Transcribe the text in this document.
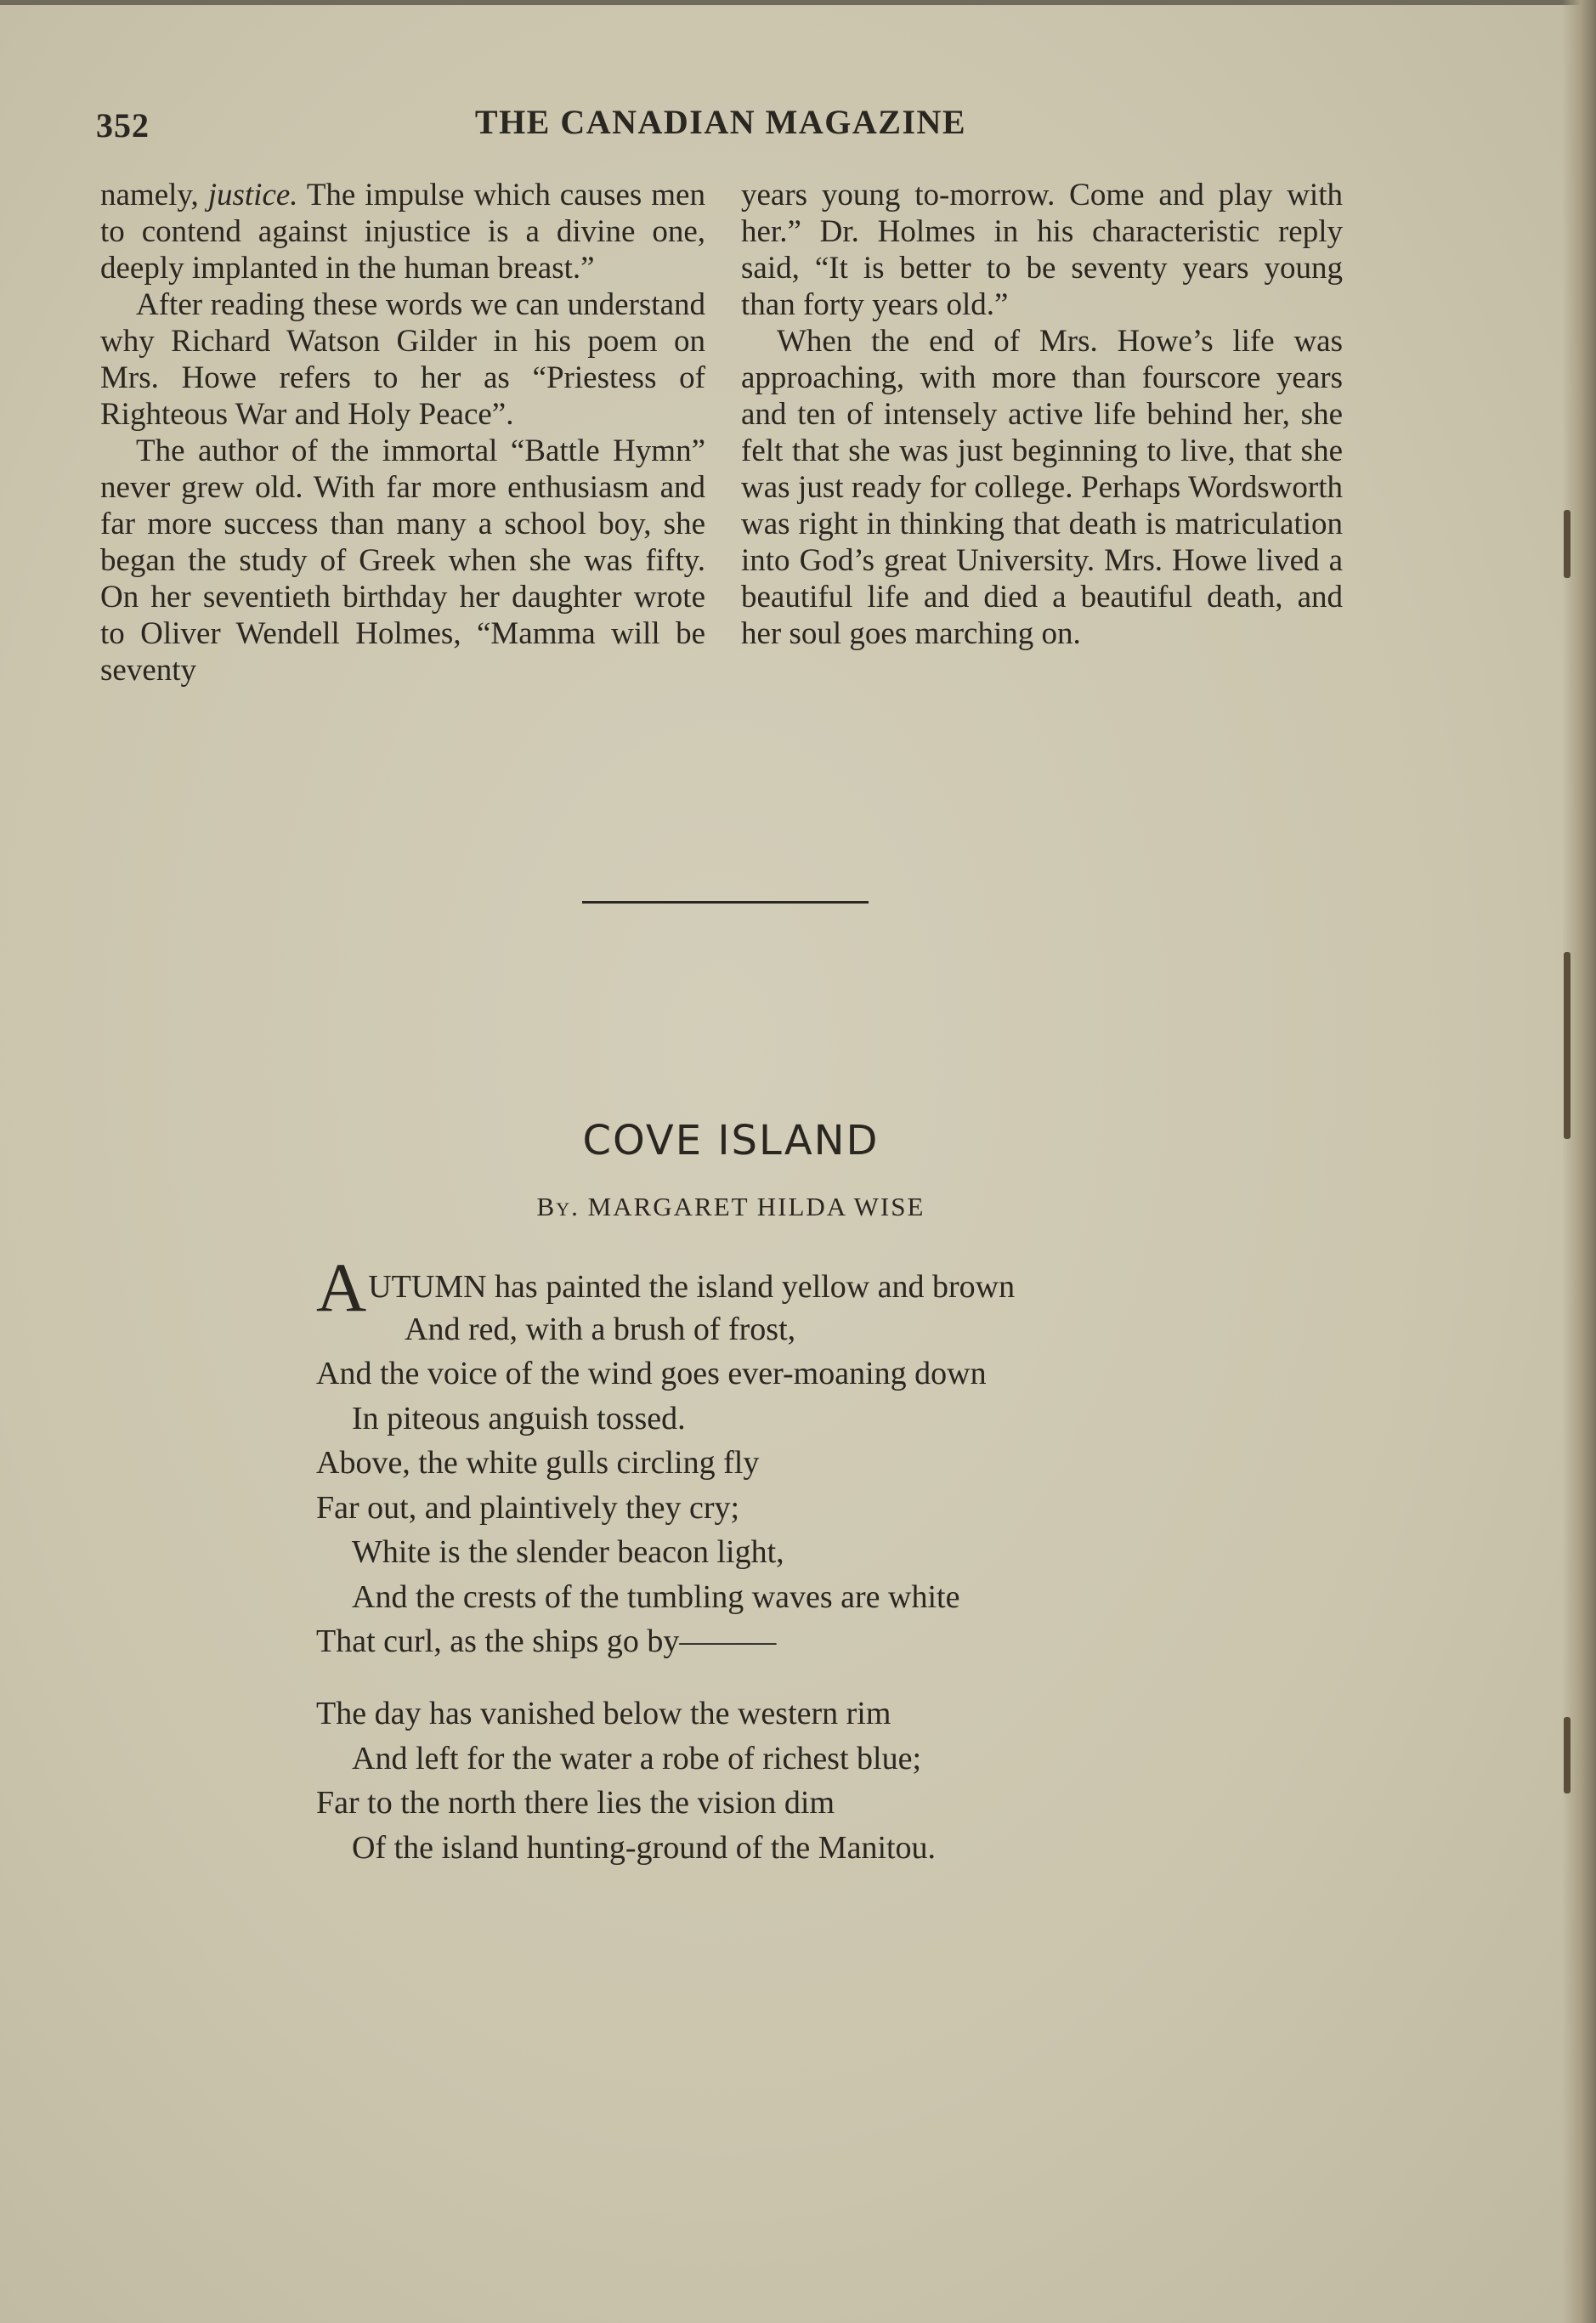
352	THE CANADIAN MAGAZINE

namely, justice. The impulse which causes men to contend against injustice is a divine one, deeply implanted in the human breast.”

After reading these words we can understand why Richard Watson Gilder in his poem on Mrs. Howe refers to her as “Priestess of Righteous War and Holy Peace”.

The author of the immortal “Battle Hymn” never grew old. With far more enthusiasm and far more success than many a school boy, she began the study of Greek when she was fifty. On her seventieth birthday her daughter wrote to Oliver Wendell Holmes, “Mamma will be seventy

years young to-morrow. Come and play with her.” Dr. Holmes in his characteristic reply said, “It is better to be seventy years young than forty years old.”

When the end of Mrs. Howe’s life was approaching, with more than fourscore years and ten of intensely active life behind her, she felt that she was just beginning to live, that she was just ready for college. Perhaps Wordsworth was right in thinking that death is matriculation into God’s great University. Mrs. Howe lived a beautiful life and died a beautiful death, and her soul goes marching on.

COVE ISLAND
By. MARGARET HILDA WISE
AUTUMN has painted the island yellow and brown
And red, with a brush of frost,
And the voice of the wind goes ever-moaning down
In piteous anguish tossed.
Above, the white gulls circling fly
Far out, and plaintively they cry;
White is the slender beacon light,
And the crests of the tumbling waves are white
That curl, as the ships go by———
The day has vanished below the western rim
And left for the water a robe of richest blue;
Far to the north there lies the vision dim
Of the island hunting-ground of the Manitou.
